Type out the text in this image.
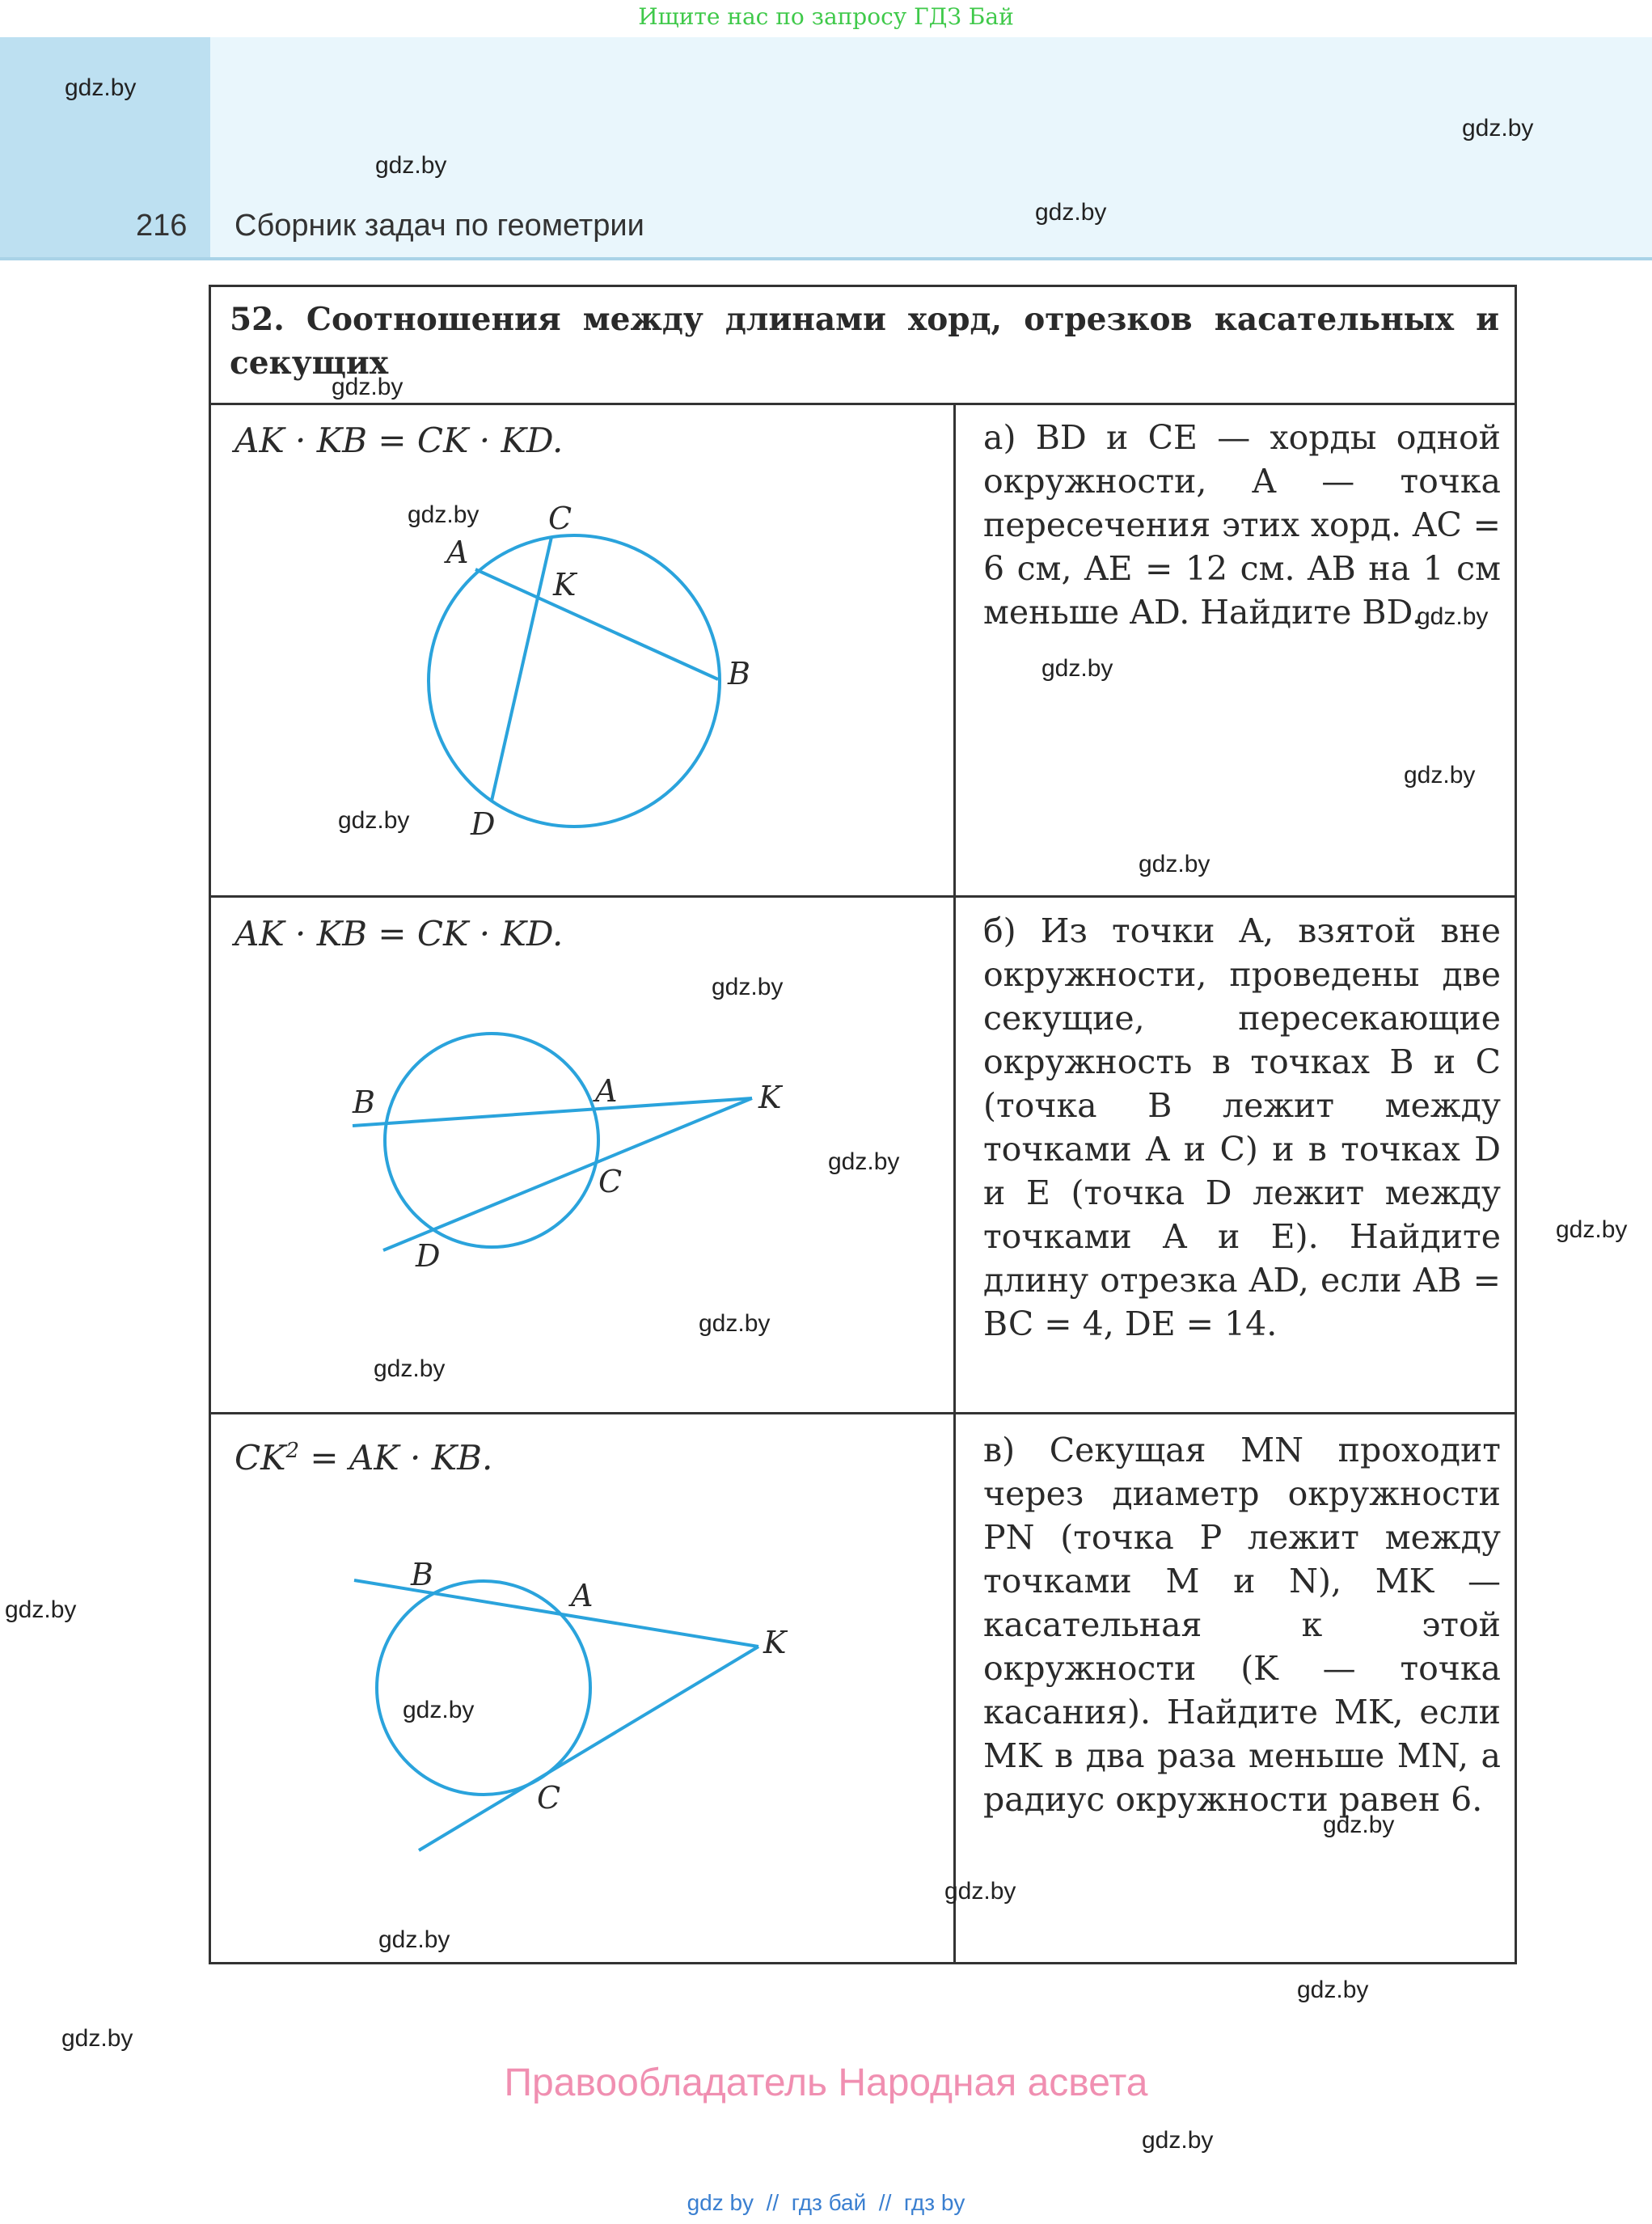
Ищите нас по запросу ГДЗ Бай
216 Сборник задач по геометрии
52. Соотношения между длинами хорд, отрезков касательных и секущих
AK · KB = CK · KD.
C
A
K
B
D
а) BD и CE — хорды одной окружности, A — точка пересечения этих хорд. AC = 6 см, AE = 12 см. AB на 1 см меньше AD. Найдите BD.
AK · KB = CK · KD.
B	A	K
C
D
б) Из точки A, взятой вне окружности, проведены две секущие, пересекающие окружность в точках B и C (точка B лежит между точками A и C) и в точках D и E (точка D лежит между точками A и E). Найдите длину отрезка AD, если AB = BC = 4, DE = 14.
$CK^2$ = AK · KB.
B
A
K
C
в) Секущая MN проходит через диаметр окружности PN (точка P лежит между точками M и N), MK — касательная к этой окружности (K — точка касания). Найдите MK, если MK в два раза меньше MN, а радиус окружности равен 6.
gdz.by
gdz.by
gdz.by
gdz.by
gdz.by
gdz.by
gdz.by
gdz.by
gdz.by
gdz.by
gdz.by
gdz.by
gdz.by
gdz.by
gdz.by
gdz.by
gdz.by
gdz.by
gdz.by
gdz.by
gdz.by
gdz.by
gdz.by
gdz.by
Правообладатель Народная асвета
gdz by  //  гдз бай  //  гдз by
